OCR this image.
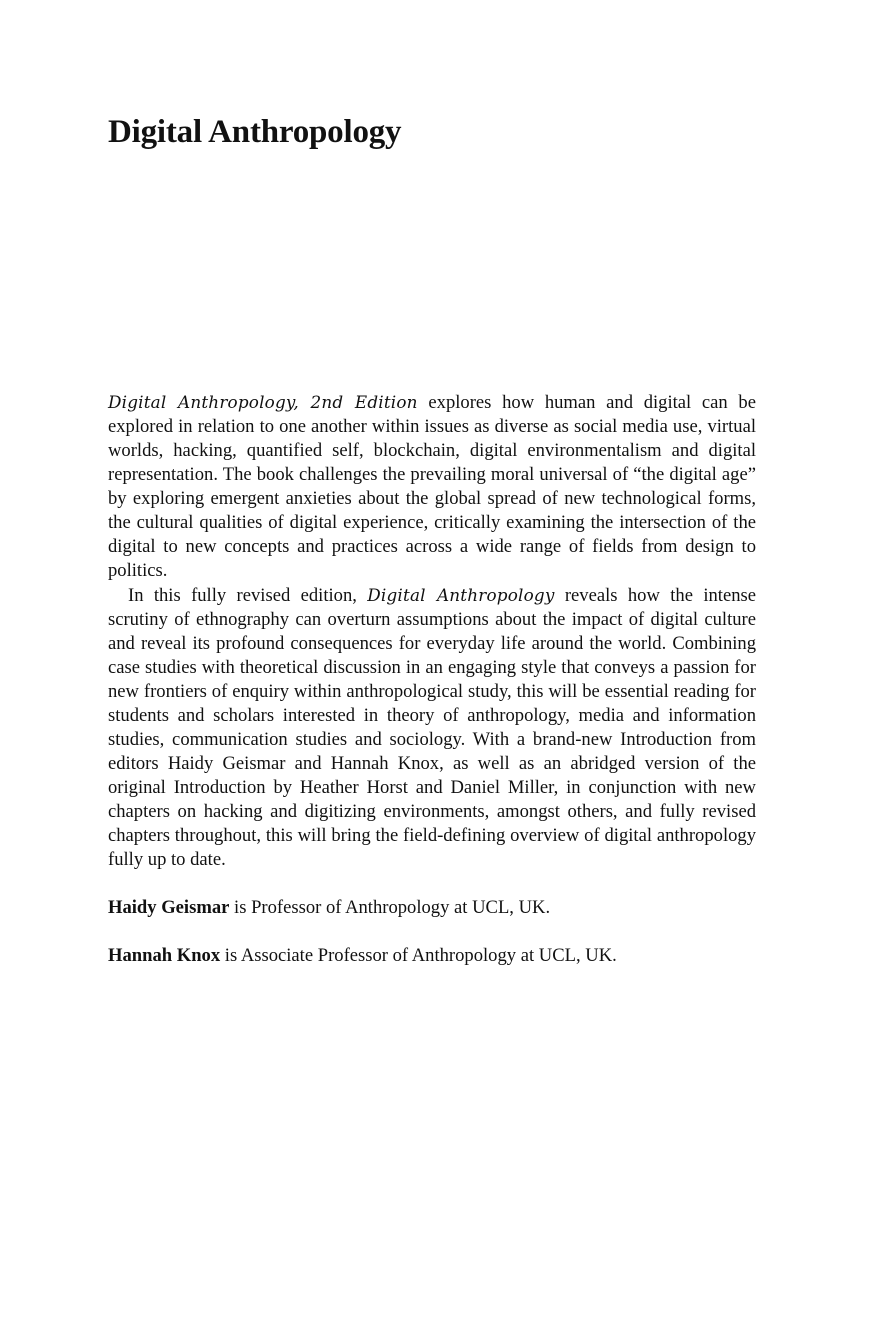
Digital Anthropology

Digital Anthropology, 2nd Edition explores how human and digital can be explored in relation to one another within issues as diverse as social media use, virtual worlds, hacking, quantified self, blockchain, digital environmentalism and digital representation. The book challenges the prevailing moral universal of “the digital age” by exploring emergent anxieties about the global spread of new technological forms, the cultural qualities of digital experience, critically examining the intersection of the digital to new concepts and practices across a wide range of fields from design to politics.

In this fully revised edition, Digital Anthropology reveals how the intense scrutiny of ethnography can overturn assumptions about the impact of digital culture and reveal its profound consequences for everyday life around the world. Combining case studies with theoretical discussion in an engaging style that conveys a passion for new frontiers of enquiry within anthropological study, this will be essential reading for students and scholars interested in theory of anthropology, media and information studies, communication studies and sociology. With a brand-new Introduction from editors Haidy Geismar and Hannah Knox, as well as an abridged version of the original Introduction by Heather Horst and Daniel Miller, in conjunction with new chapters on hacking and digitizing environments, amongst others, and fully revised chapters throughout, this will bring the field-defining overview of digital anthropology fully up to date.

Haidy Geismar is Professor of Anthropology at UCL, UK.

Hannah Knox is Associate Professor of Anthropology at UCL, UK.
